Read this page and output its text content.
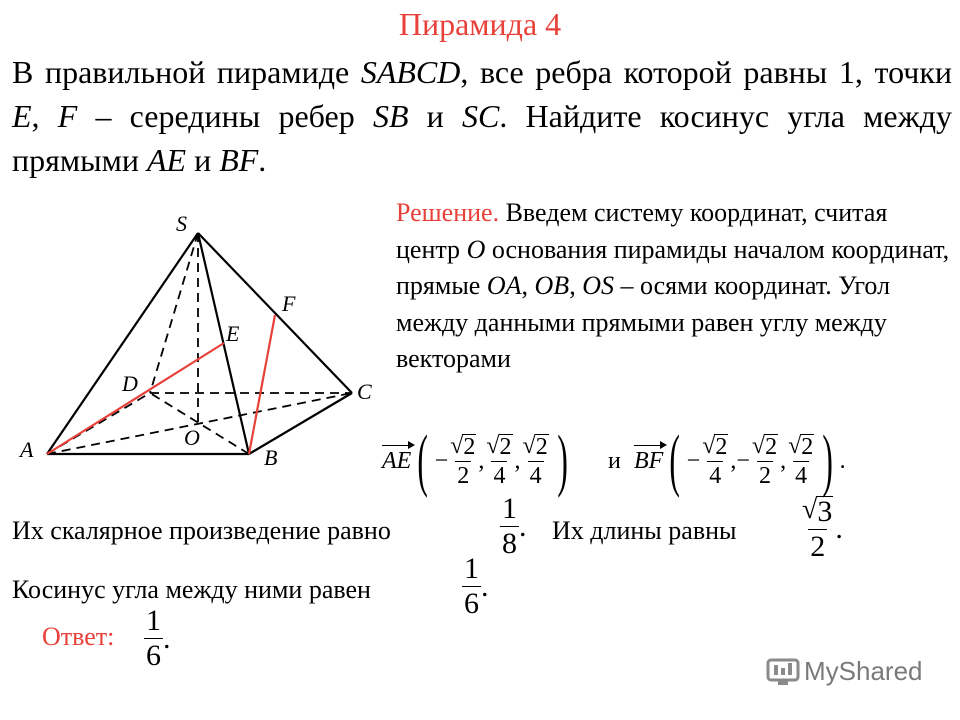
Пирамида 4
В правильной пирамиде SABCD, все ребра которой равны 1, точки E, F – середины ребер SB и SC. Найдите косинус угла между прямыми AE и BF.
S
A	B
C
D
O
E
F
Решение. Введем систему координат, считая центр O основания пирамиды началом координат, прямые OA, OB, OS – осями координат. Угол между данными прямыми равен углу между векторами
AE ( − $\frac{√ 2}{2}$ , $\frac{√ 2}{4}$ , $\frac{√ 2}{4}$ ) и BF ( − $\frac{√ 2}{4}$ , − $\frac{√ 2}{2}$ , $\frac{√ 2}{4}$ ) .
Их скалярное произведение равно	$\frac{1}{8}$ . Их длины равны $\frac{√ 3}{2}$ .
Косинус угла между ними равен	$\frac{1}{6}$ .
Ответ: $\frac{1}{6}$ .
MyShared
